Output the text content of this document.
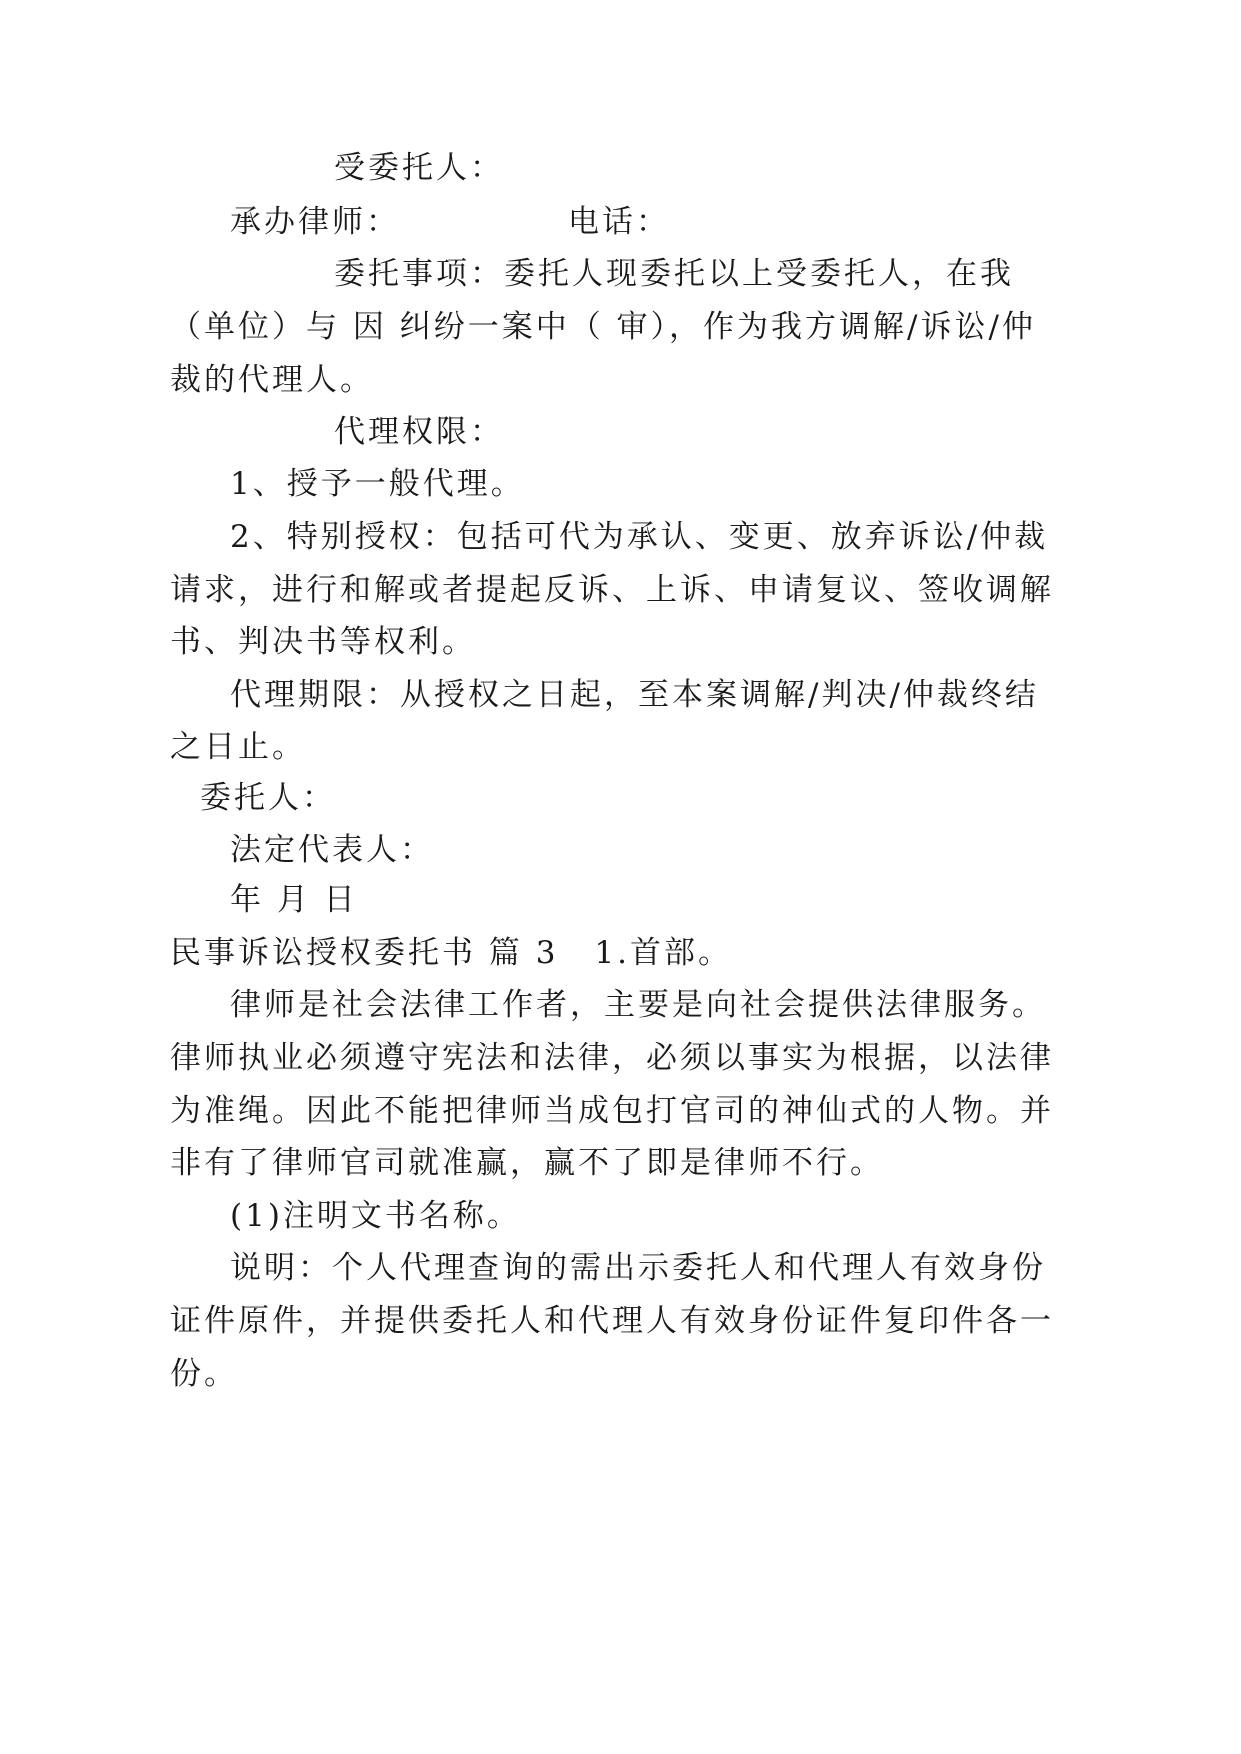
受委托人：
承办律师：	电话：
委托事项：委托人现委托以上受委托人，在我
（单位）与 因 纠纷一案中（ 审），作为我方调解/诉讼/仲
裁的代理人。
代理权限：
1、授予一般代理。
2、特别授权：包括可代为承认、变更、放弃诉讼/仲裁
请求，进行和解或者提起反诉、上诉、申请复议、签收调解
书、判决书等权利。
代理期限：从授权之日起，至本案调解/判决/仲裁终结
之日止。
委托人：
法定代表人：
年 月 日
民事诉讼授权委托书 篇 3 1.首部。
律师是社会法律工作者，主要是向社会提供法律服务。
律师执业必须遵守宪法和法律，必须以事实为根据，以法律
为准绳。因此不能把律师当成包打官司的神仙式的人物。并
非有了律师官司就准赢，赢不了即是律师不行。
(1)注明文书名称。
说明：个人代理查询的需出示委托人和代理人有效身份
证件原件，并提供委托人和代理人有效身份证件复印件各一
份。
